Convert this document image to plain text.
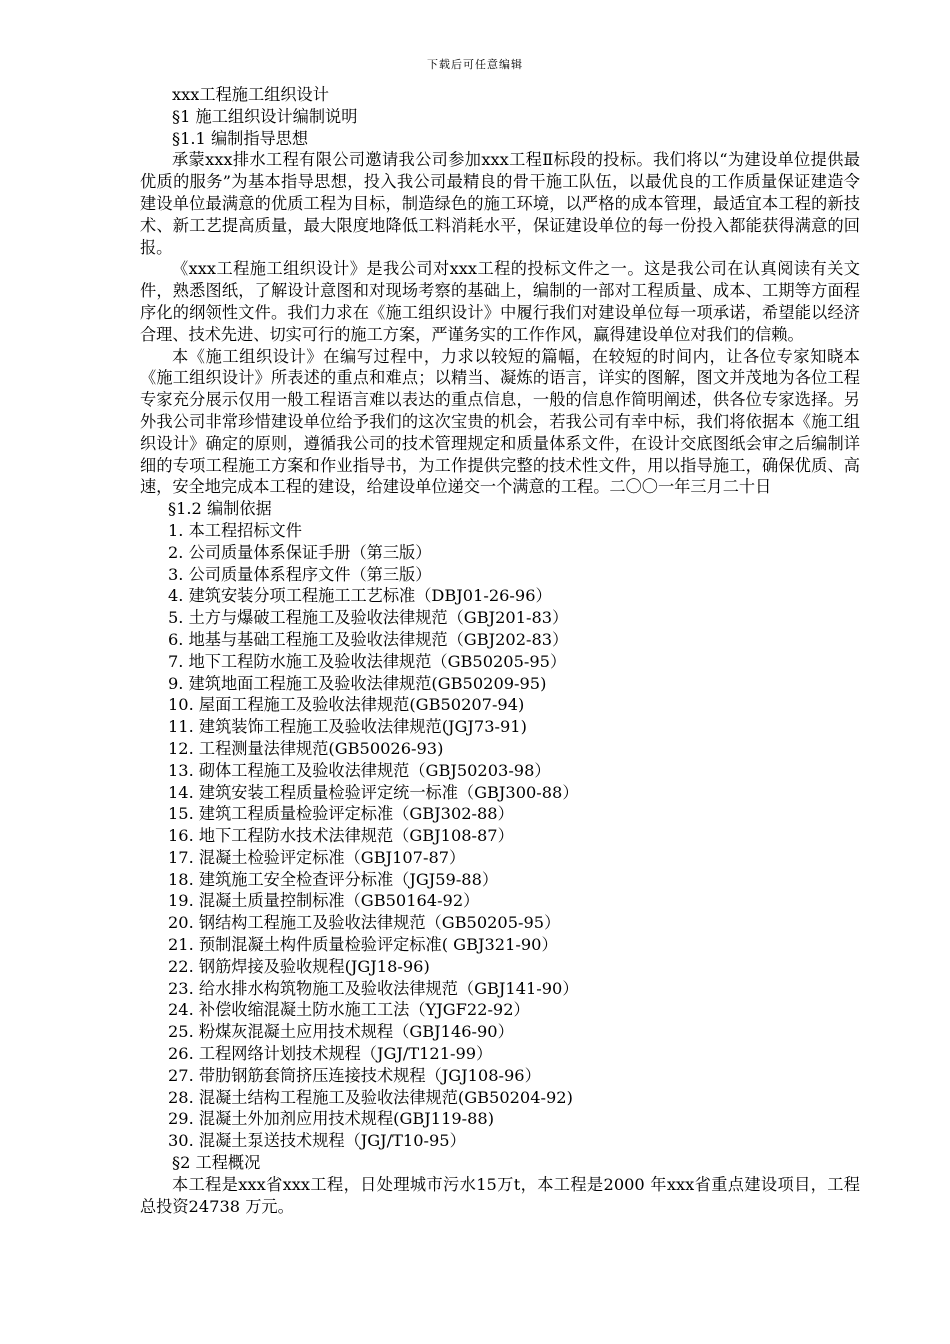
下载后可任意编辑
xxx工程施工组织设计
§1 施工组织设计编制说明
§1.1 编制指导思想
承蒙xxx排水工程有限公司邀请我公司参加xxx工程Ⅱ标段的投标。我们将以“为建设单位提供最优质的服务”为基本指导思想，投入我公司最精良的骨干施工队伍，以最优良的工作质量保证建造令建设单位最满意的优质工程为目标，制造绿色的施工环境，以严格的成本管理，最适宜本工程的新技术、新工艺提高质量，最大限度地降低工料消耗水平，保证建设单位的每一份投入都能获得满意的回报。
《xxx工程施工组织设计》是我公司对xxx工程的投标文件之一。这是我公司在认真阅读有关文件，熟悉图纸，了解设计意图和对现场考察的基础上，编制的一部对工程质量、成本、工期等方面程序化的纲领性文件。我们力求在《施工组织设计》中履行我们对建设单位每一项承诺，希望能以经济合理、技术先进、切实可行的施工方案，严谨务实的工作作风，赢得建设单位对我们的信赖。
本《施工组织设计》在编写过程中，力求以较短的篇幅，在较短的时间内，让各位专家知晓本《施工组织设计》所表述的重点和难点；以精当、凝炼的语言，详实的图解，图文并茂地为各位工程专家充分展示仅用一般工程语言难以表达的重点信息，一般的信息作简明阐述，供各位专家选择。另外我公司非常珍惜建设单位给予我们的这次宝贵的机会，若我公司有幸中标，我们将依据本《施工组织设计》确定的原则，遵循我公司的技术管理规定和质量体系文件，在设计交底图纸会审之后编制详细的专项工程施工方案和作业指导书，为工作提供完整的技术性文件，用以指导施工，确保优质、高速，安全地完成本工程的建设，给建设单位递交一个满意的工程。二〇〇一年三月二十日
§1.2 编制依据
1. 本工程招标文件
2. 公司质量体系保证手册（第三版）
3. 公司质量体系程序文件（第三版）
4. 建筑安装分项工程施工工艺标准（DBJ01-26-96）
5. 土方与爆破工程施工及验收法律规范（GBJ201-83）
6. 地基与基础工程施工及验收法律规范（GBJ202-83）
7. 地下工程防水施工及验收法律规范（GB50205-95）
9. 建筑地面工程施工及验收法律规范(GB50209-95)
10. 屋面工程施工及验收法律规范(GB50207-94)
11. 建筑装饰工程施工及验收法律规范(JGJ73-91)
12. 工程测量法律规范(GB50026-93)
13. 砌体工程施工及验收法律规范（GBJ50203-98）
14. 建筑安装工程质量检验评定统一标准（GBJ300-88）
15. 建筑工程质量检验评定标准（GBJ302-88）
16. 地下工程防水技术法律规范（GBJ108-87）
17. 混凝土检验评定标准（GBJ107-87）
18. 建筑施工安全检查评分标准（JGJ59-88）
19. 混凝土质量控制标准（GB50164-92）
20. 钢结构工程施工及验收法律规范（GB50205-95）
21. 预制混凝土构件质量检验评定标准( GBJ321-90）
22. 钢筋焊接及验收规程(JGJ18-96)
23. 给水排水构筑物施工及验收法律规范（GBJ141-90）
24. 补偿收缩混凝土防水施工工法（YJGF22-92）
25. 粉煤灰混凝土应用技术规程（GBJ146-90）
26. 工程网络计划技术规程（JGJ/T121-99）
27. 带肋钢筋套筒挤压连接技术规程（JGJ108-96）
28. 混凝土结构工程施工及验收法律规范(GB50204-92)
29. 混凝土外加剂应用技术规程(GBJ119-88)
30. 混凝土泵送技术规程（JGJ/T10-95）
§2 工程概况
本工程是xxx省xxx工程，日处理城市污水15万t，本工程是2000 年xxx省重点建设项目，工程总投资24738 万元。
